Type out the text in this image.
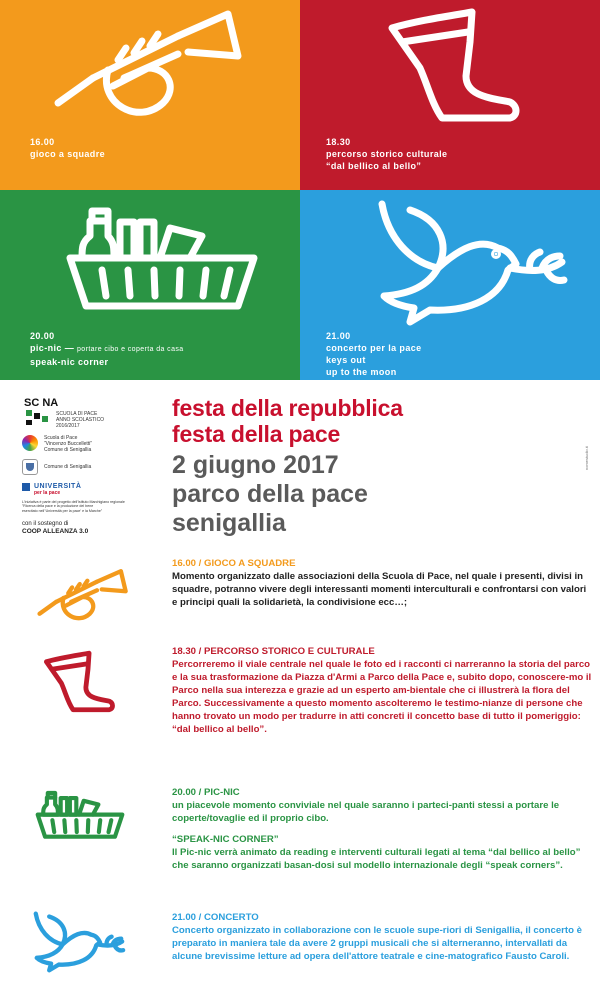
16.00
gioco a squadre
18.30
percorso storico culturale
“dal bellico al bello”
20.00
pic-nic — portare cibo e coperta da casa
speak-nic corner
21.00
concerto per la pace
keys out
up to the moon
SC NA
SCUOLA DI PACE
ANNO SCOLASTICO
2016/2017
Scuola di Pace
“Vincenzo Buccelletti”
Comune di Senigallia
Comune di Senigallia
UNIVERSITÀ
per la pace
L'iniziativa è parte del progetto dell'Istituto Marchigiano regionale
"Ricerca della pace e la produzione del bene
esercitato nell'‘Università per la pace’ e la Marche"
con il sostegno di
COOP ALLEANZA 3.0
festa della repubblica
festa della pace
2 giugno 2017
parco della pace
senigallia
nomestudio.it
16.00 / GIOCO A SQUADRE

Momento organizzato dalle associazioni della Scuola di Pace, nel quale i presenti, divisi in squadre, potranno vivere degli interessanti momenti interculturali e confrontarsi con valori e principi quali la solidarietà, la condivisione ecc…;

18.30 / PERCORSO STORICO E CULTURALE

Percorreremo il viale centrale nel quale le foto ed i racconti ci narreranno la storia del parco e la sua trasformazione da Piazza d'Armi a Parco della Pace e, subito dopo, conoscere-mo il Parco nella sua interezza e grazie ad un esperto am-bientale che ci illustrerà la flora del Parco. Successivamente a questo momento ascolteremo le testimo-nianze di persone che hanno trovato un modo per tradurre in atti concreti il concetto base di tutto il pomeriggio: “dal bellico al bello”.

20.00 / PIC-NIC

un piacevole momento conviviale nel quale saranno i parteci-panti stessi a portare le coperte/tovaglie ed il proprio cibo.

“SPEAK-NIC CORNER”

Il Pic-nic verrà animato da reading e interventi culturali legati al tema “dal bellico al bello” che saranno organizzati basan-dosi sul modello internazionale degli “speak corners”.

21.00 / CONCERTO

Concerto organizzato in collaborazione con le scuole supe-riori di Senigallia, il concerto è preparato in maniera tale da avere 2 gruppi musicali che si alterneranno, intervallati da alcune brevissime letture ad opera dell'attore teatrale e cine-matografico Fausto Caroli.
